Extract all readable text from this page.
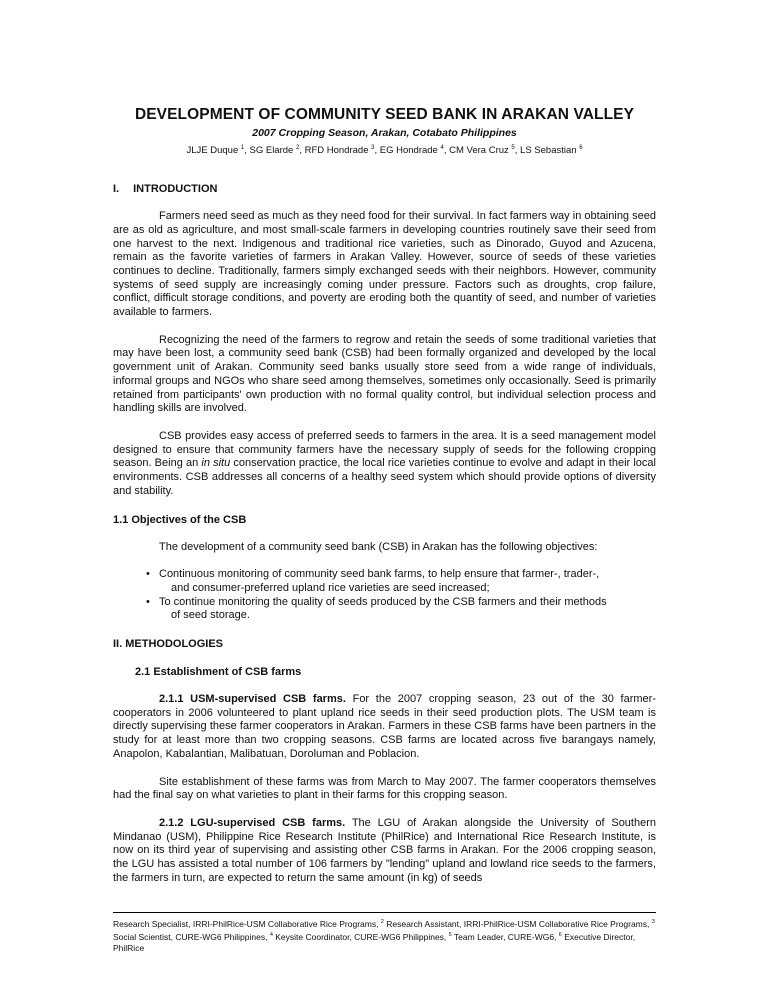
DEVELOPMENT OF COMMUNITY SEED BANK IN ARAKAN VALLEY
2007 Cropping Season, Arakan, Cotabato Philippines
JLJE Duque $^1$, SG Elarde $^2$, RFD Hondrade $^3$, EG Hondrade $^4$, CM Vera Cruz $^5$, LS Sebastian $^6$
I. INTRODUCTION

Farmers need seed as much as they need food for their survival. In fact farmers way in obtaining seed are as old as agriculture, and most small-scale farmers in developing countries routinely save their seed from one harvest to the next. Indigenous and traditional rice varieties, such as Dinorado, Guyod and Azucena, remain as the favorite varieties of farmers in Arakan Valley. However, source of seeds of these varieties continues to decline. Traditionally, farmers simply exchanged seeds with their neighbors. However, community systems of seed supply are increasingly coming under pressure. Factors such as droughts, crop failure, conflict, difficult storage conditions, and poverty are eroding both the quantity of seed, and number of varieties available to farmers.

Recognizing the need of the farmers to regrow and retain the seeds of some traditional varieties that may have been lost, a community seed bank (CSB) had been formally organized and developed by the local government unit of Arakan. Community seed banks usually store seed from a wide range of individuals, informal groups and NGOs who share seed among themselves, sometimes only occasionally. Seed is primarily retained from participants' own production with no formal quality control, but individual selection process and handling skills are involved.

CSB provides easy access of preferred seeds to farmers in the area. It is a seed management model designed to ensure that community farmers have the necessary supply of seeds for the following cropping season. Being an in situ conservation practice, the local rice varieties continue to evolve and adapt in their local environments. CSB addresses all concerns of a healthy seed system which should provide options of diversity and stability.

1.1 Objectives of the CSB

The development of a community seed bank (CSB) in Arakan has the following objectives:

• Continuous monitoring of community seed bank farms, to help ensure that farmer-, trader-,
and consumer-preferred upland rice varieties are seed increased;
• To continue monitoring the quality of seeds produced by the CSB farmers and their methods
of seed storage.
II. METHODOLOGIES
2.1 Establishment of CSB farms

2.1.1 USM-supervised CSB farms. For the 2007 cropping season, 23 out of the 30 farmer-cooperators in 2006 volunteered to plant upland rice seeds in their seed production plots. The USM team is directly supervising these farmer cooperators in Arakan. Farmers in these CSB farms have been partners in the study for at least more than two cropping seasons. CSB farms are located across five barangays namely, Anapolon, Kabalantian, Malibatuan, Doroluman and Poblacion.

Site establishment of these farms was from March to May 2007. The farmer cooperators themselves had the final say on what varieties to plant in their farms for this cropping season.

2.1.2 LGU-supervised CSB farms. The LGU of Arakan alongside the University of Southern Mindanao (USM), Philippine Rice Research Institute (PhilRice) and International Rice Research Institute, is now on its third year of supervising and assisting other CSB farms in Arakan. For the 2006 cropping season, the LGU has assisted a total number of 106 farmers by "lending" upland and lowland rice seeds to the farmers, the farmers in turn, are expected to return the same amount (in kg) of seeds

Research Specialist, IRRI-PhilRice-USM Collaborative Rice Programs, $^2$ Research Assistant, IRRI-PhilRice-USM Collaborative Rice Programs, $^3$ Social Scientist, CURE-WG6 Philippines, $^4$ Keysite Coordinator, CURE-WG6 Philippines, $^5$ Team Leader, CURE-WG6, $^6$ Executive Director, PhilRice
